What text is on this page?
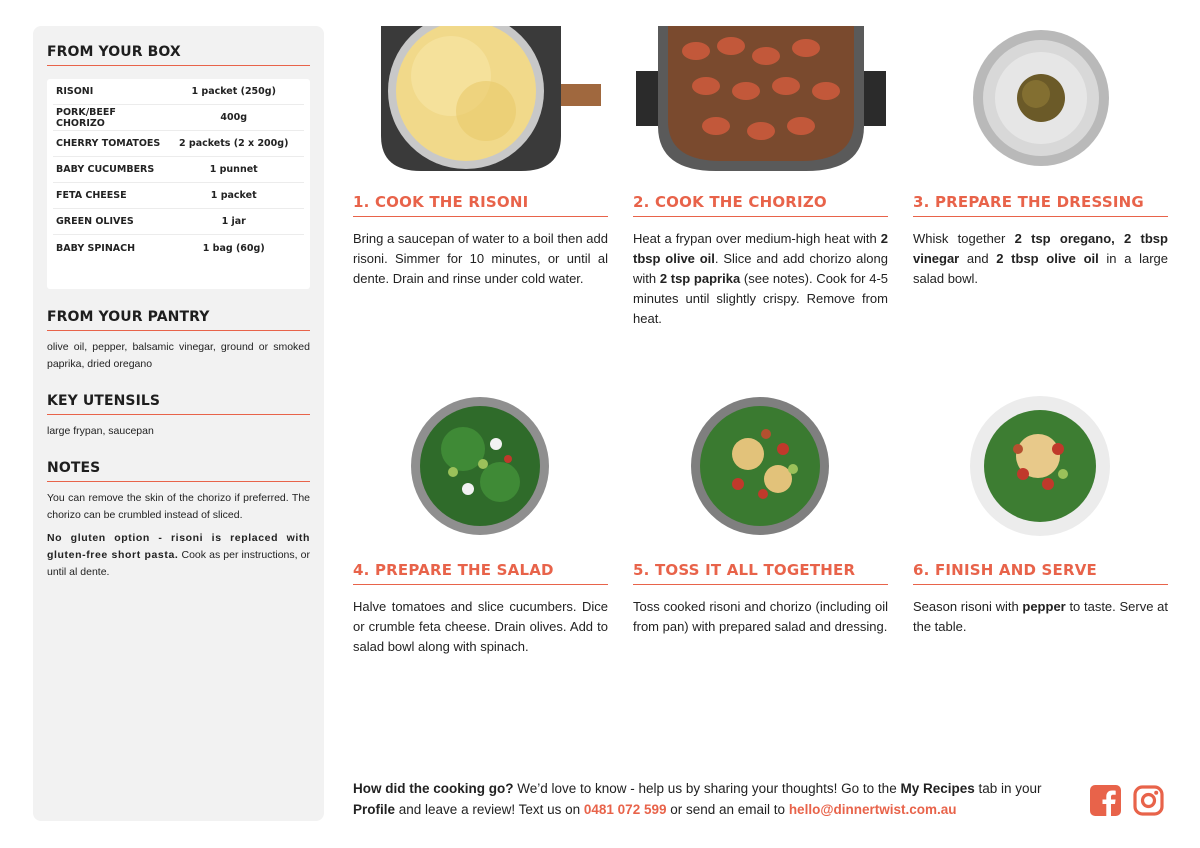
FROM YOUR BOX
RISONI	1 packet (250g)
PORK/BEEF CHORIZO	400g
CHERRY TOMATOES	2 packets (2 x 200g)
BABY CUCUMBERS	1 punnet
FETA CHEESE	1 packet
GREEN OLIVES	1 jar
BABY SPINACH	1 bag (60g)
FROM YOUR PANTRY

olive oil, pepper, balsamic vinegar, ground or smoked paprika, dried oregano

KEY UTENSILS

large frypan, saucepan

NOTES

You can remove the skin of the chorizo if preferred. The chorizo can be crumbled instead of sliced.

No gluten option - risoni is replaced with gluten-free short pasta. Cook as per instructions, or until al dente.

1. COOK THE RISONI

Bring a saucepan of water to a boil then add risoni. Simmer for 10 minutes, or until al dente. Drain and rinse under cold water.

2. COOK THE CHORIZO

Heat a frypan over medium-high heat with 2 tbsp olive oil. Slice and add chorizo along with 2 tsp paprika (see notes). Cook for 4-5 minutes until slightly crispy. Remove from heat.

3. PREPARE THE DRESSING

Whisk together 2 tsp oregano, 2 tbsp vinegar and 2 tbsp olive oil in a large salad bowl.

4. PREPARE THE SALAD

Halve tomatoes and slice cucumbers. Dice or crumble feta cheese. Drain olives. Add to salad bowl along with spinach.

5. TOSS IT ALL TOGETHER

Toss cooked risoni and chorizo (including oil from pan) with prepared salad and dressing.

6. FINISH AND SERVE

Season risoni with pepper to taste. Serve at the table.

How did the cooking go? We’d love to know - help us by sharing your thoughts! Go to the My Recipes tab in your Profile and leave a review! Text us on 0481 072 599 or send an email to hello@dinnertwist.com.au
